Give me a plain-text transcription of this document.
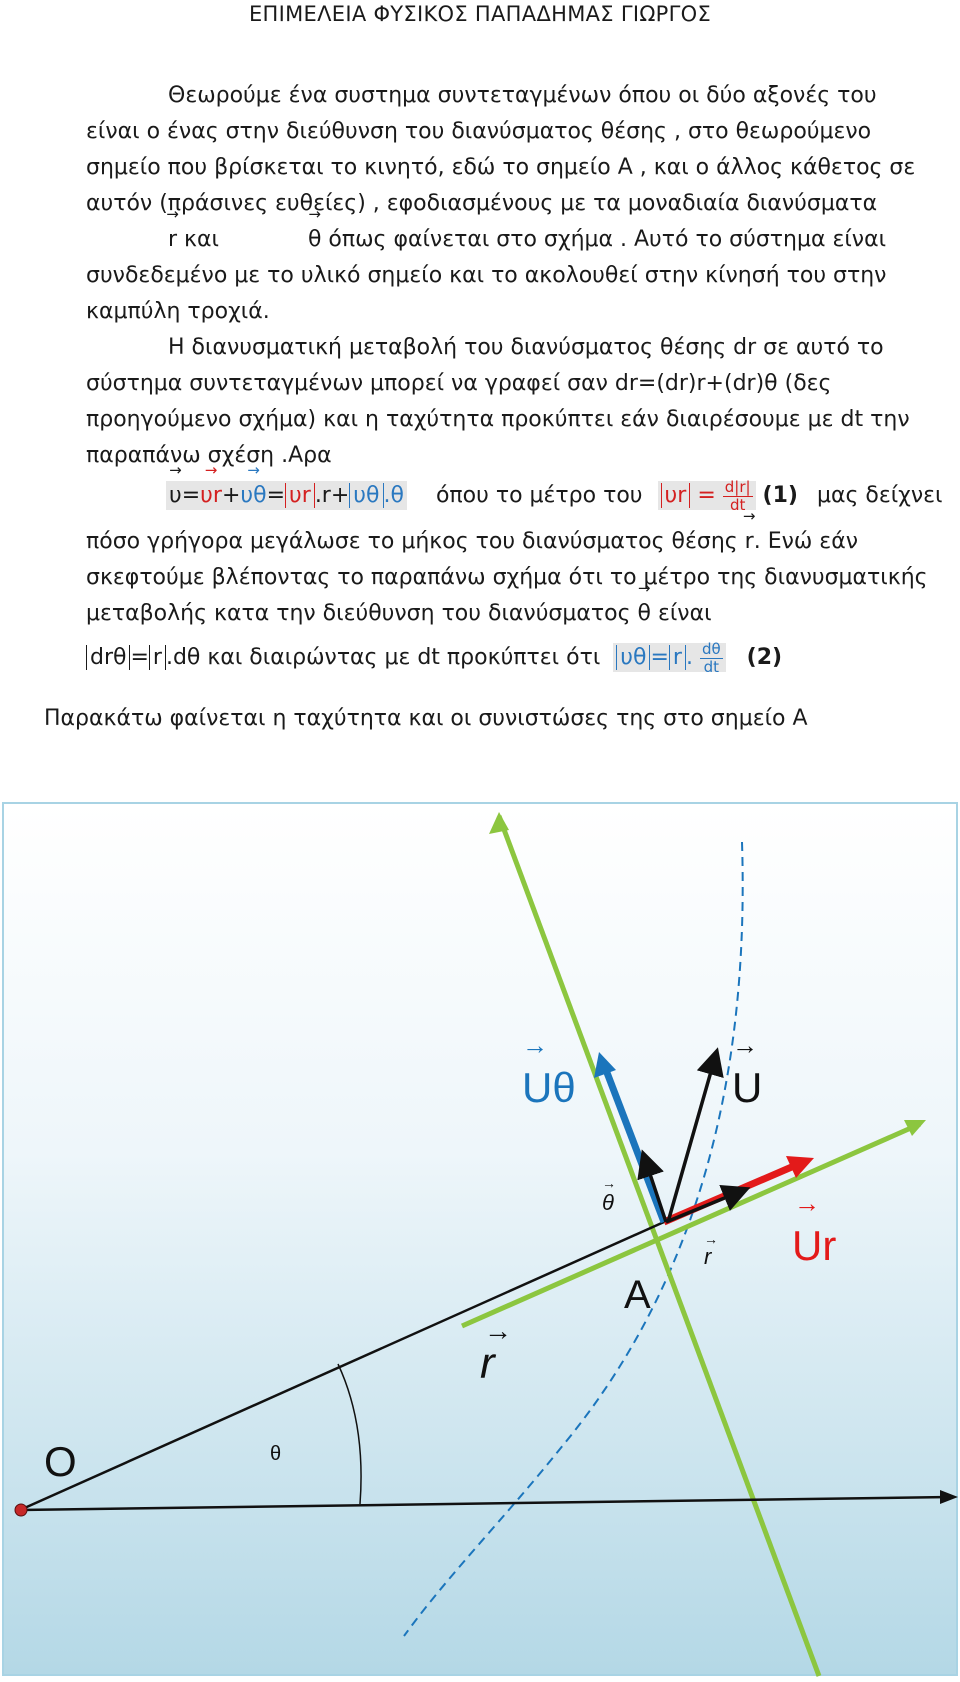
ΕΠΙΜΕΛΕΙΑ ΦΥΣΙΚΟΣ ΠΑΠΑΔΗΜΑΣ ΓΙΩΡΓΟΣ

Θεωρούμε ένα συστημα συντεταγμένων όπου οι δύο αξονές του είναι ο ένας στην διεύθυνση του διανύσματος θέσης , στο θεωρούμενο σημείο που βρίσκεται το κινητό, εδώ το σημείο Α , και ο άλλος κάθετος σε αυτόν (πράσινες ευθείες) , εφοδιασμένους με τα μοναδιαία διανύσματα → r και →	θ όπως φαίνεται στο σχήμα . Αυτό το σύστημα είναι συνδεδεμένο με το υλικό σημείο και το ακολουθεί στην κίνησή του στην καμπύλη τροχιά.

Η διανυσματική μεταβολή του διανύσματος θέσης dr σε αυτό το σύστημα συντεταγμένων μπορεί να γραφεί σαν dr=(dr)r+(dr)θ (δες προηγούμενο σχήμα) και η ταχύτητα προκύπτει εάν διαιρέσουμε με dt την παραπάνω σχέση .Αρα

→ υ=→ υr+→ υθ= υr .r+ υθ .θ όπου το μέτρο του $\upsilon r = \frac{d|r|}{dt} (1)$ μας δείχνει

πόσο γρήγορα μεγάλωσε το μήκος του διανύσματος θέσης → r. Ενώ εάν σκεφτούμε βλέποντας το παραπάνω σχήμα ότι το μέτρο της διανυσματικής μεταβολής κατα την διεύθυνση του διανύσματος → θ είναι

drθ = r .dθ και διαιρώντας με dt προκύπτει ότι υθ = r . $\frac{d\theta}{dt} (2)$
Παρακάτω φαίνεται η ταχύτητα και οι συνιστώσες της στο σημείο Α
Uθ
→
U
→
θ
→
Ur
→
r
→
A
r
→
O	θ
